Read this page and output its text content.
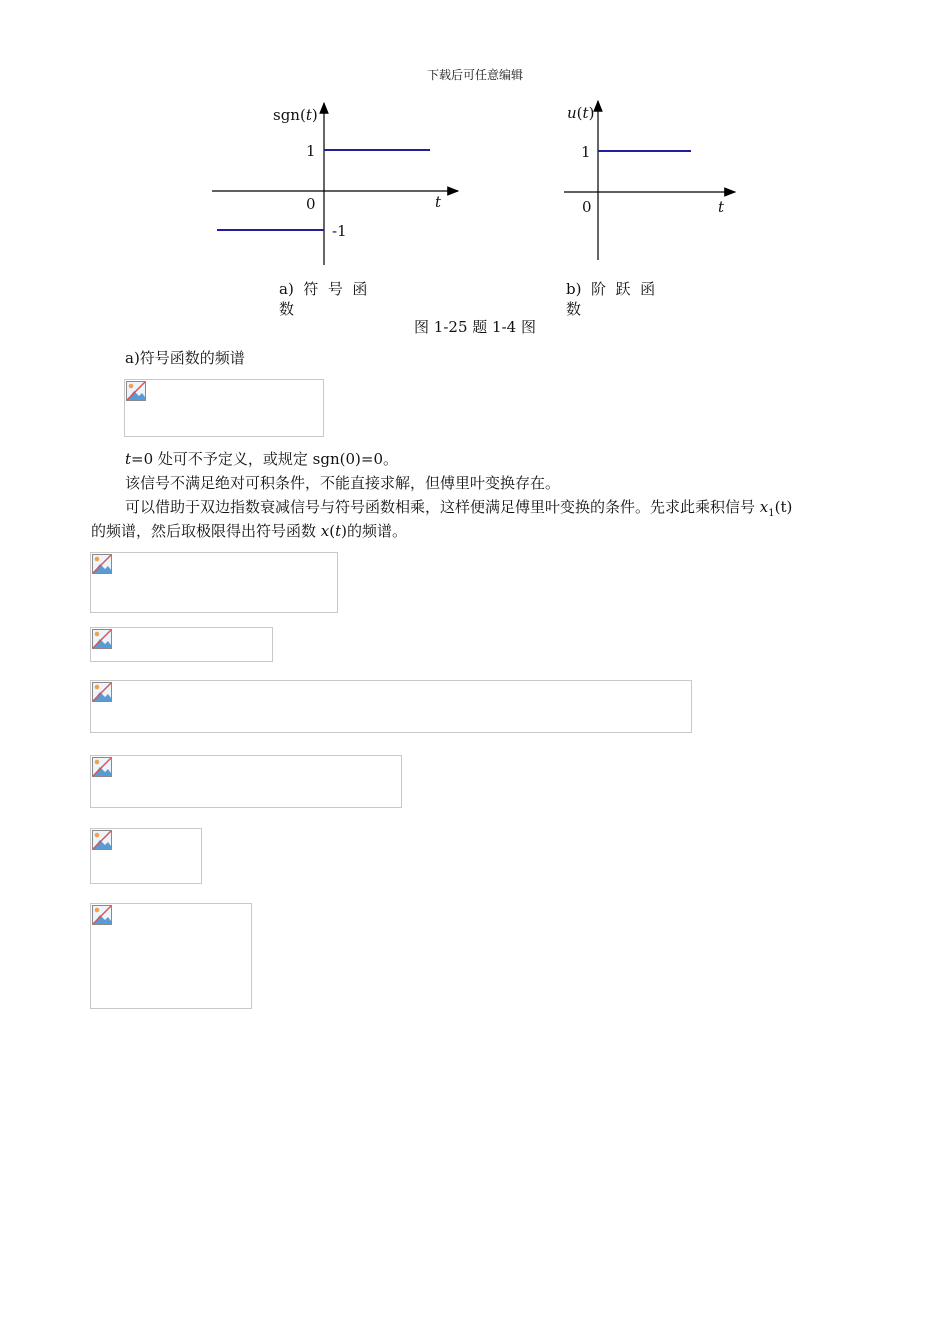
下载后可任意编辑
sgn(t)
1
0	t
-1
a)  符  号  函
数
u(t)
1
0	t
b)  阶  跃  函
数
图 1-25 题 1-4 图
a)符号函数的频谱
t=0 处可不予定义，或规定 sgn(0)=0。
该信号不满足绝对可积条件，不能直接求解，但傅里叶变换存在。
可以借助于双边指数衰减信号与符号函数相乘，这样便满足傅里叶变换的条件。先求此乘积信号 $x_1(t)$
的频谱，然后取极限得出符号函数 x(t)的频谱。
